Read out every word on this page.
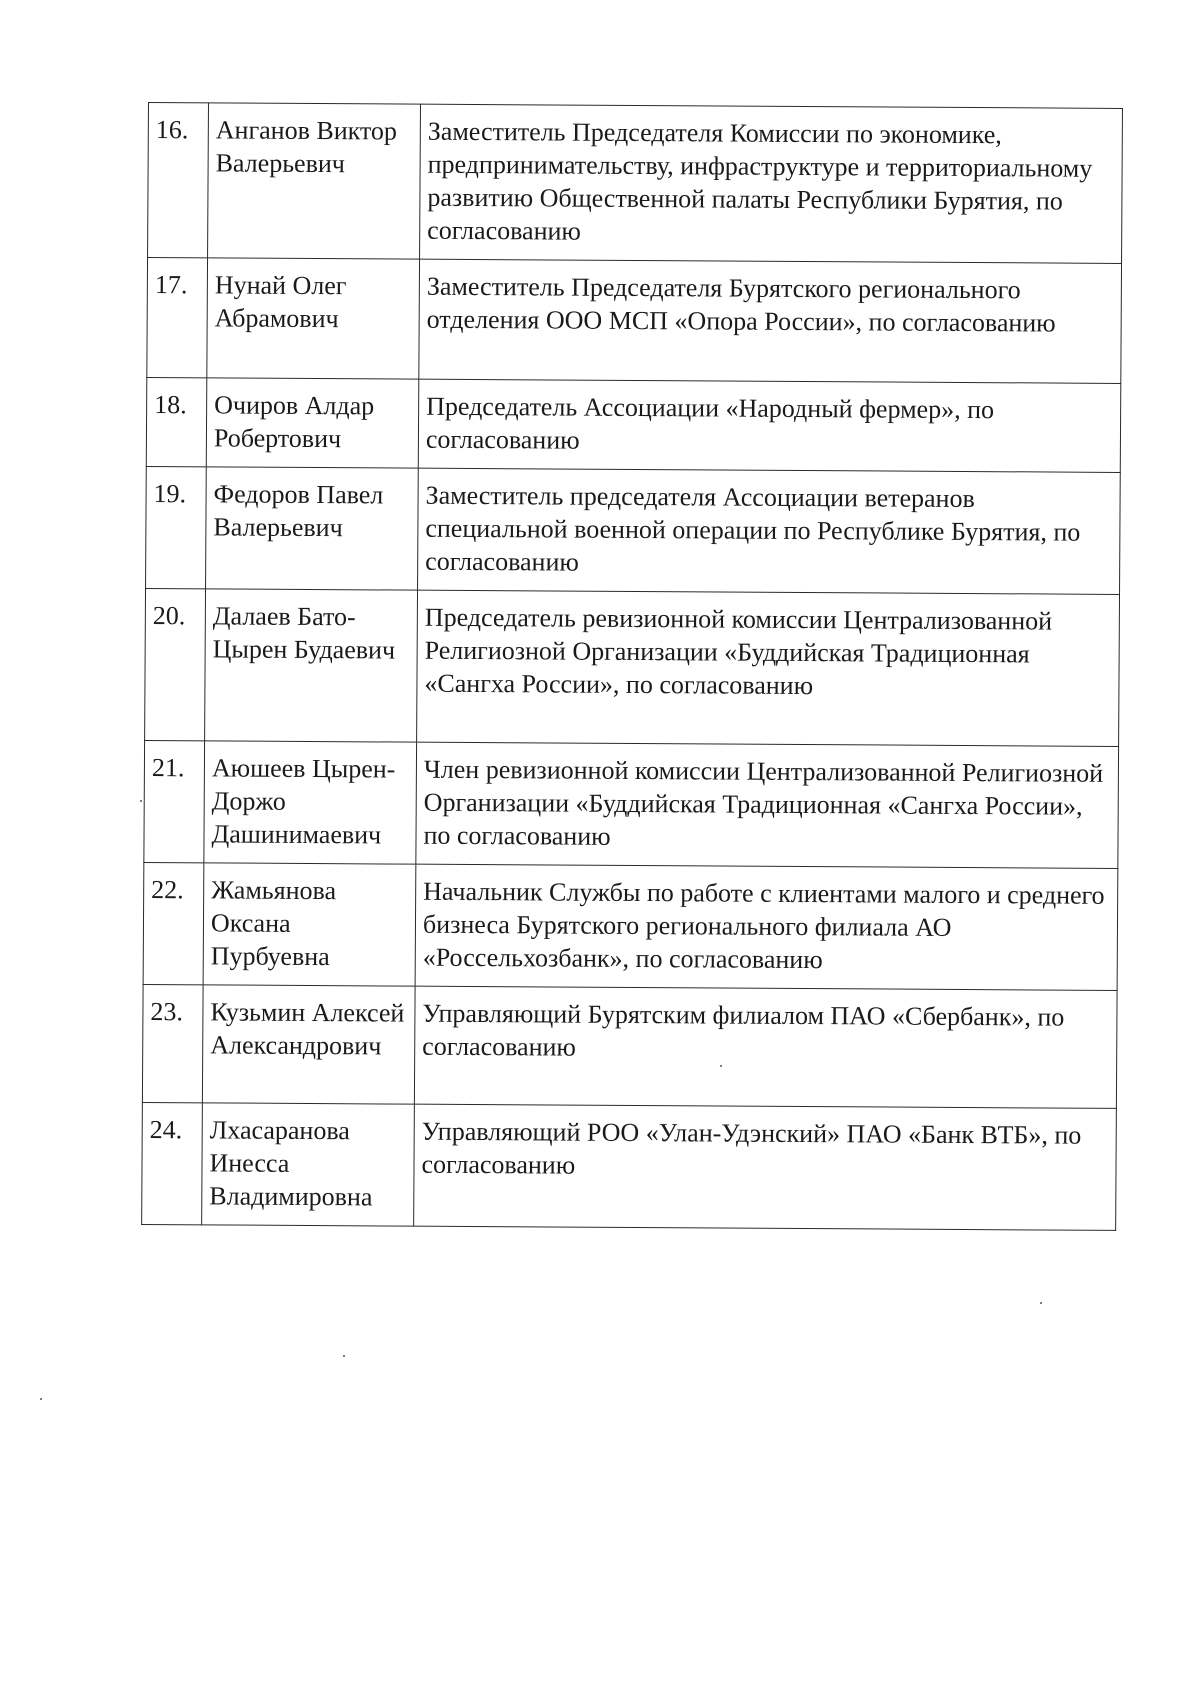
16.	Анганов Виктор Валерьевич	Заместитель Председателя Комиссии по экономике, предпринимательству, инфраструктуре и территориальному развитию Общественной палаты Республики Бурятия, по согласованию
17.	Нунай Олег Абрамович	Заместитель Председателя Бурятского регионального отделения ООО МСП «Опора России», по согласованию
18.	Очиров Алдар Робертович	Председатель Ассоциации «Народный фермер», по согласованию
19.	Федоров Павел Валерьевич	Заместитель председателя Ассоциации ветеранов специальной военной операции по Республике Бурятия, по согласованию
20.	Далаев Бато-Цырен Будаевич	Председатель ревизионной комиссии Централизованной Религиозной Организации «Буддийская Традиционная «Сангха России», по согласованию
21.	Аюшеев Цырен-Доржо Дашинимаевич	Член ревизионной комиссии Централизованной Религиозной Организации «Буддийская Традиционная «Сангха России», по согласованию
22.	Жамьянова Оксана Пурбуевна	Начальник Службы по работе с клиентами малого и среднего бизнеса Бурятского регионального филиала АО «Россельхозбанк», по согласованию
23.	Кузьмин Алексей Александрович	Управляющий Бурятским филиалом ПАО «Сбербанк», по согласованию
24.	Лхасаранова Инесса Владимировна	Управляющий РОО «Улан-Удэнский» ПАО «Банк ВТБ», по согласованию
